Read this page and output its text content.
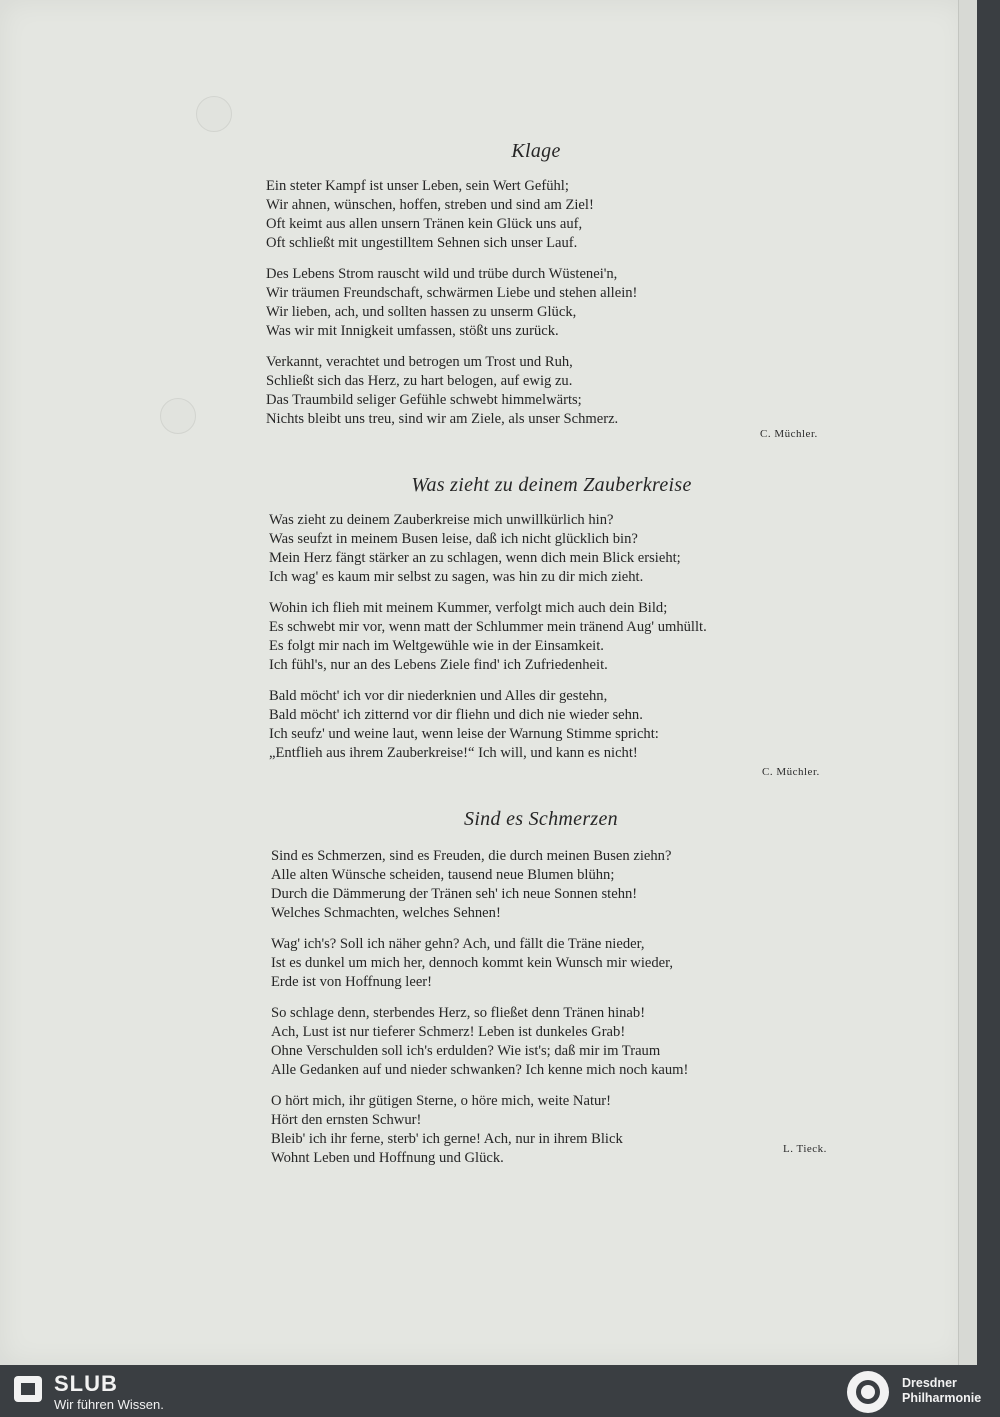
Klage
Ein steter Kampf ist unser Leben, sein Wert Gefühl;
Wir ahnen, wünschen, hoffen, streben und sind am Ziel!
Oft keimt aus allen unsern Tränen kein Glück uns auf,
Oft schließt mit ungestilltem Sehnen sich unser Lauf.
Des Lebens Strom rauscht wild und trübe durch Wüstenei'n,
Wir träumen Freundschaft, schwärmen Liebe und stehen allein!
Wir lieben, ach, und sollten hassen zu unserm Glück,
Was wir mit Innigkeit umfassen, stößt uns zurück.
Verkannt, verachtet und betrogen um Trost und Ruh,
Schließt sich das Herz, zu hart belogen, auf ewig zu.
Das Traumbild seliger Gefühle schwebt himmelwärts;
Nichts bleibt uns treu, sind wir am Ziele, als unser Schmerz.
C. Müchler.
Was zieht zu deinem Zauberkreise
Was zieht zu deinem Zauberkreise mich unwillkürlich hin?
Was seufzt in meinem Busen leise, daß ich nicht glücklich bin?
Mein Herz fängt stärker an zu schlagen, wenn dich mein Blick ersieht;
Ich wag' es kaum mir selbst zu sagen, was hin zu dir mich zieht.
Wohin ich flieh mit meinem Kummer, verfolgt mich auch dein Bild;
Es schwebt mir vor, wenn matt der Schlummer mein tränend Aug' umhüllt.
Es folgt mir nach im Weltgewühle wie in der Einsamkeit.
Ich fühl's, nur an des Lebens Ziele find' ich Zufriedenheit.
Bald möcht' ich vor dir niederknien und Alles dir gestehn,
Bald möcht' ich zitternd vor dir fliehn und dich nie wieder sehn.
Ich seufz' und weine laut, wenn leise der Warnung Stimme spricht:
„Entflieh aus ihrem Zauberkreise!“ Ich will, und kann es nicht!
C. Müchler.
Sind es Schmerzen
Sind es Schmerzen, sind es Freuden, die durch meinen Busen ziehn?
Alle alten Wünsche scheiden, tausend neue Blumen blühn;
Durch die Dämmerung der Tränen seh' ich neue Sonnen stehn!
Welches Schmachten, welches Sehnen!
Wag' ich's? Soll ich näher gehn? Ach, und fällt die Träne nieder,
Ist es dunkel um mich her, dennoch kommt kein Wunsch mir wieder,
Erde ist von Hoffnung leer!
So schlage denn, sterbendes Herz, so fließet denn Tränen hinab!
Ach, Lust ist nur tieferer Schmerz! Leben ist dunkeles Grab!
Ohne Verschulden soll ich's erdulden? Wie ist's; daß mir im Traum
Alle Gedanken auf und nieder schwanken? Ich kenne mich noch kaum!
O hört mich, ihr gütigen Sterne, o höre mich, weite Natur!
Hört den ernsten Schwur!
Bleib' ich ihr ferne, sterb' ich gerne! Ach, nur in ihrem Blick
Wohnt Leben und Hoffnung und Glück.
L. Tieck.
SLUB
Wir führen Wissen.
Dresdner
Philharmonie
